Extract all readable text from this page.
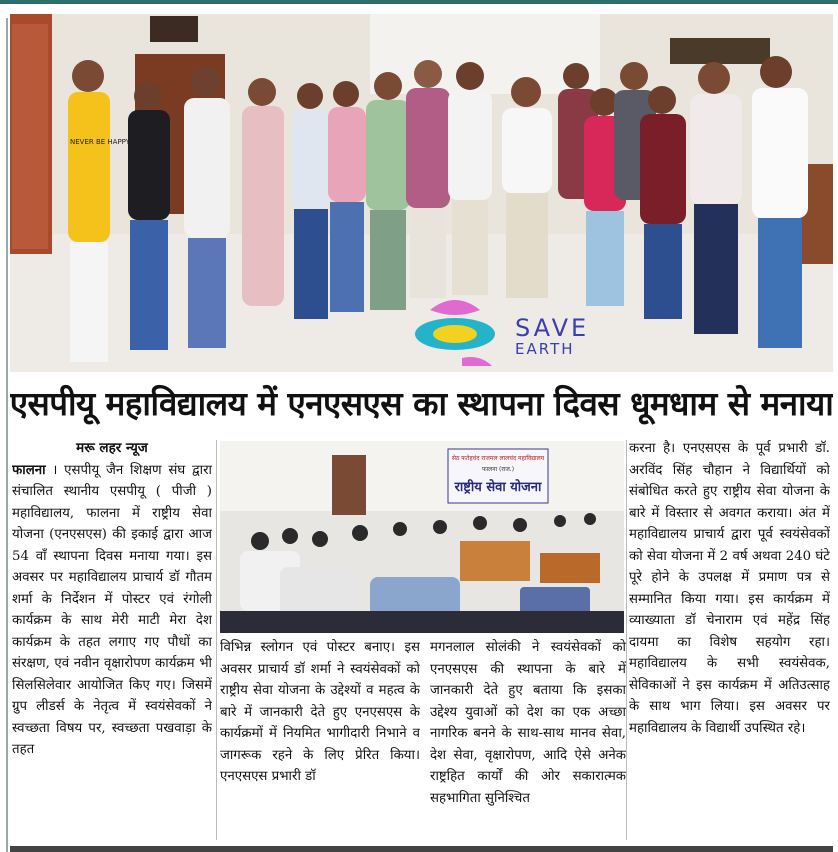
SAVE
EARTH
NEVER BE HAPPY
एसपीयू महाविद्यालय में एनएसएस का स्थापना दिवस धूमधाम से मनाया

मरू लहर न्यूज

फालना । एसपीयू जैन शिक्षण संघ द्वारा संचालित स्थानीय एसपीयू ( पीजी ) महाविद्यालय, फालना में राष्ट्रीय सेवा योजना (एनएसएस) की इकाई द्वारा आज 54 वाँ स्थापना दिवस मनाया गया। इस अवसर पर महाविद्यालय प्राचार्य डॉ गौतम शर्मा के निर्देशन में पोस्टर एवं रंगोली कार्यक्रम के साथ मेरी माटी मेरा देश कार्यक्रम के तहत लगाए गए पौधों का संरक्षण, एवं नवीन वृक्षारोपण कार्यक्रम भी सिलसिलेवार आयोजित किए गए। जिसमें ग्रुप लीडर्स के नेतृत्व में स्वयंसेवकों ने स्वच्छता विषय पर, स्वच्छता पखवाड़ा के तहत
सेठ फतेहचंद राजमल लालचंद महाविद्यालय
फालना (राज.)
राष्ट्रीय सेवा योजना

विभिन्न स्लोगन एवं पोस्टर बनाए। इस अवसर प्राचार्य डॉ शर्मा ने स्वयंसेवकों को राष्ट्रीय सेवा योजना के उद्देश्यों व महत्व के बारे में जानकारी देते हुए एनएसएस के कार्यक्रमों में नियमित भागीदारी निभाने व जागरूक रहने के लिए प्रेरित किया। एनएसएस प्रभारी डॉ

मगनलाल सोलंकी ने स्वयंसेवकों को एनएसएस की स्थापना के बारे में जानकारी देते हुए बताया कि इसका उद्देश्य युवाओं को देश का एक अच्छा नागरिक बनने के साथ-साथ मानव सेवा, देश सेवा, वृक्षारोपण, आदि ऐसे अनेक राष्ट्रहित कार्यों की ओर सकारात्मक सहभागिता सुनिश्चित

करना है। एनएसएस के पूर्व प्रभारी डॉ. अरविंद सिंह चौहान ने विद्यार्थियों को संबोधित करते हुए राष्ट्रीय सेवा योजना के बारे में विस्तार से अवगत कराया। अंत में महाविद्यालय प्राचार्य द्वारा पूर्व स्वयंसेवकों को सेवा योजना में 2 वर्ष अथवा 240 घंटे पूरे होने के उपलक्ष में प्रमाण पत्र से सम्मानित किया गया। इस कार्यक्रम में व्याख्याता डॉ चेनाराम एवं महेंद्र सिंह दायमा का विशेष सहयोग रहा। महाविद्यालय के सभी स्वयंसेवक, सेविकाओं ने इस कार्यक्रम में अतिउत्साह के साथ भाग लिया। इस अवसर पर महाविद्यालय के विद्यार्थी उपस्थित रहे।
